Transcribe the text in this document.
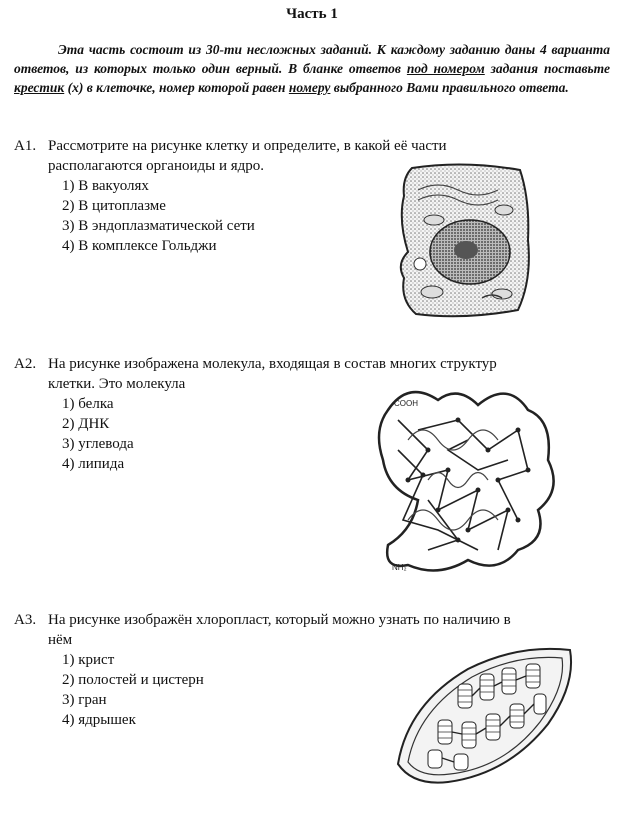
Часть 1

Эта часть состоит из 30-ти несложных заданий. К каждому заданию даны 4 варианта ответов, из которых только один верный. В бланке ответов под номером задания поставьте крестик (х) в клеточке, номер которой равен номеру выбранного Вами правильного ответа.

А1. Рассмотрите на рисунке клетку и определите, в какой её части
располагаются органоиды и ядро.
1) В вакуолях
2) В цитоплазме
3) В эндоплазматической сети
4) В комплексе Гольджи
А2. На рисунке изображена молекула, входящая в состав многих структур
клетки. Это молекула
1) белка
2) ДНК
3) углевода
4) липида
COOH
NH₂
А3. На рисунке изображён хлоропласт, который можно узнать по наличию в
нём
1) крист
2) полостей и цистерн
3) гран
4) ядрышек
